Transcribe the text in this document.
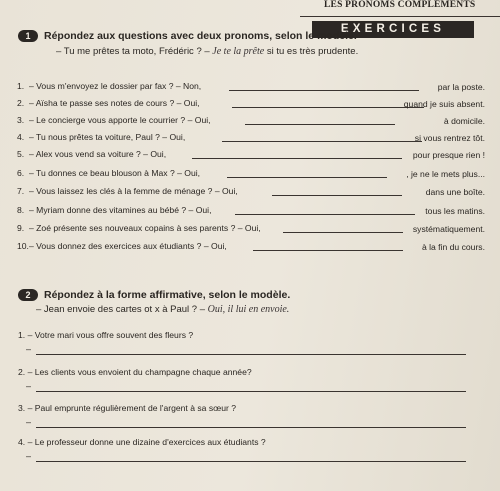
LES PRONOMS COMPLÉMENTS
EXERCICES
1	Répondez aux questions avec deux pronoms, selon le modèle.
– Tu me prêtes ta moto, Frédéric ? – Je te la prête si tu es très prudente.
1. – Vous m'envoyez le dossier par fax ? – Non,	par la poste.
2. – Aïsha te passe ses notes de cours ? – Oui,	quand je suis absent.
3. – Le concierge vous apporte le courrier ? – Oui,	à domicile.
4. – Tu nous prêtes ta voiture, Paul ? – Oui,	si vous rentrez tôt.
5. – Alex vous vend sa voiture ? – Oui,	pour presque rien !
6. – Tu donnes ce beau blouson à Max ? – Oui,	, je ne le mets plus...
7. – Vous laissez les clés à la femme de ménage ? – Oui,	dans une boîte.
8. – Myriam donne des vitamines au bébé ? – Oui,	tous les matins.
9. – Zoé présente ses nouveaux copains à ses parents ? – Oui,	systématiquement.
10. – Vous donnez des exercices aux étudiants ? – Oui,	à la fin du cours.
2	Répondez à la forme affirmative, selon le modèle.
– Jean envoie des cartes ot x à Paul ? – Oui, il lui en envoie.
1. – Votre mari vous offre souvent des fleurs ?
–
2. – Les clients vous envoient du champagne chaque année?
–
3. – Paul emprunte régulièrement de l'argent à sa sœur ?
–
4. – Le professeur donne une dizaine d'exercices aux étudiants ?
–
